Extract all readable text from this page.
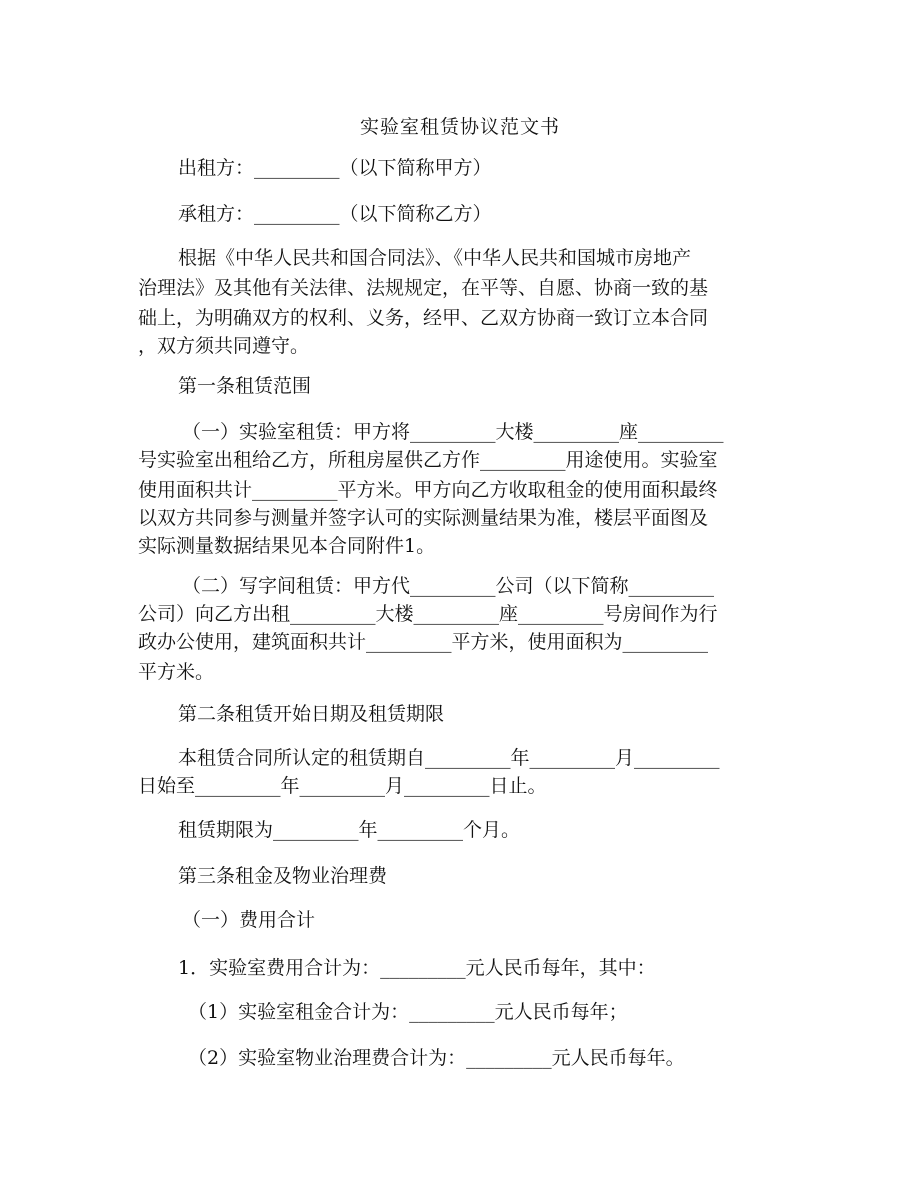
实验室租赁协议范文书
出租方：_________（以下简称甲方）
承租方：_________（以下简称乙方）
根据《中华人民共和国合同法》、《中华人民共和国城市房地产
治理法》及其他有关法律、法规规定，在平等、自愿、协商一致的基
础上，为明确双方的权利、义务，经甲、乙双方协商一致订立本合同
，双方须共同遵守。
第一条租赁范围
（一）实验室租赁：甲方将_________大楼_________座_________
号实验室出租给乙方，所租房屋供乙方作_________用途使用。实验室
使用面积共计_________平方米。甲方向乙方收取租金的使用面积最终
以双方共同参与测量并签字认可的实际测量结果为准，楼层平面图及
实际测量数据结果见本合同附件1。
（二）写字间租赁：甲方代_________公司（以下简称_________
公司）向乙方出租_________大楼_________座_________号房间作为行
政办公使用，建筑面积共计_________平方米，使用面积为_________
平方米。
第二条租赁开始日期及租赁期限
本租赁合同所认定的租赁期自_________年_________月_________
日始至_________年_________月_________日止。
租赁期限为_________年_________个月。
第三条租金及物业治理费
（一）费用合计
1．实验室费用合计为：_________元人民币每年，其中：
（1）实验室租金合计为：_________元人民币每年；
（2）实验室物业治理费合计为：_________元人民币每年。
